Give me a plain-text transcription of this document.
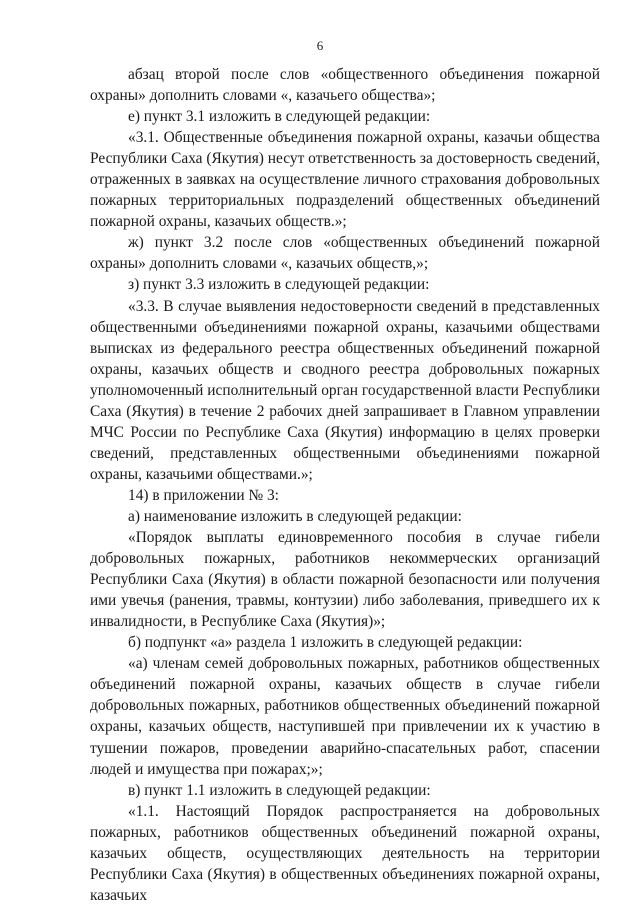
6

абзац второй после слов «общественного объединения пожарной охраны» дополнить словами «, казачьего общества»;

е) пункт 3.1 изложить в следующей редакции:

«3.1. Общественные объединения пожарной охраны, казачьи общества Республики Саха (Якутия) несут ответственность за достоверность сведений, отраженных в заявках на осуществление личного страхования добровольных пожарных территориальных подразделений общественных объединений пожарной охраны, казачьих обществ.»;

ж) пункт 3.2 после слов «общественных объединений пожарной охраны» дополнить словами «, казачьих обществ,»;

з) пункт 3.3 изложить в следующей редакции:

«3.3. В случае выявления недостоверности сведений в представленных общественными объединениями пожарной охраны, казачьими обществами выписках из федерального реестра общественных объединений пожарной охраны, казачьих обществ и сводного реестра добровольных пожарных уполномоченный исполнительный орган государственной власти Республики Саха (Якутия) в течение 2 рабочих дней запрашивает в Главном управлении МЧС России по Республике Саха (Якутия) информацию в целях проверки сведений, представленных общественными объединениями пожарной охраны, казачьими обществами.»;

14) в приложении № 3:

а) наименование изложить в следующей редакции:

«Порядок выплаты единовременного пособия в случае гибели добровольных пожарных, работников некоммерческих организаций Республики Саха (Якутия) в области пожарной безопасности или получения ими увечья (ранения, травмы, контузии) либо заболевания, приведшего их к инвалидности, в Республике Саха (Якутия)»;

б) подпункт «а» раздела 1 изложить в следующей редакции:

«а) членам семей добровольных пожарных, работников общественных объединений пожарной охраны, казачьих обществ в случае гибели добровольных пожарных, работников общественных объединений пожарной охраны, казачьих обществ, наступившей при привлечении их к участию в тушении пожаров, проведении аварийно-спасательных работ, спасении людей и имущества при пожарах;»;

в) пункт 1.1 изложить в следующей редакции:

«1.1. Настоящий Порядок распространяется на добровольных пожарных, работников общественных объединений пожарной охраны, казачьих обществ, осуществляющих деятельность на территории Республики Саха (Якутия) в общественных объединениях пожарной охраны, казачьих
